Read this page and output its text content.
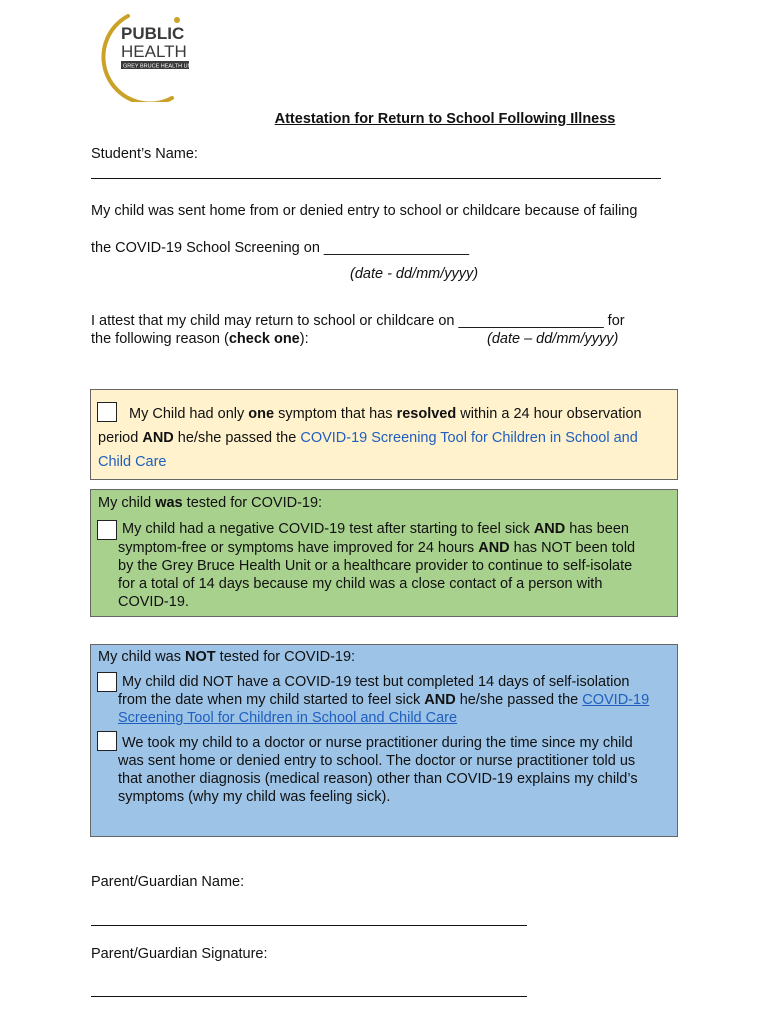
PUBLIC
HEALTH
GREY BRUCE HEALTH UNIT
Attestation for Return to School Following Illness
Student’s Name:
My child was sent home from or denied entry to school or childcare because of failing
the COVID-19 School Screening on __________________
(date - dd/mm/yyyy)
I attest that my child may return to school or childcare on __________________ for
the following reason (check one):	(date – dd/mm/yyyy)
My Child had only one symptom that has resolved within a 24 hour observation
period AND he/she passed the COVID-19 Screening Tool for Children in School and
Child Care
My child was tested for COVID-19:
My child had a negative COVID-19 test after starting to feel sick AND has been
symptom-free or symptoms have improved for 24 hours AND has NOT been told
by the Grey Bruce Health Unit or a healthcare provider to continue to self-isolate
for a total of 14 days because my child was a close contact of a person with
COVID-19.
My child was NOT tested for COVID-19:
My child did NOT have a COVID-19 test but completed 14 days of self-isolation
from the date when my child started to feel sick AND he/she passed the COVID-19
Screening Tool for Children in School and Child Care
We took my child to a doctor or nurse practitioner during the time since my child
was sent home or denied entry to school. The doctor or nurse practitioner told us
that another diagnosis (medical reason) other than COVID-19 explains my child’s
symptoms (why my child was feeling sick).
Parent/Guardian Name:
Parent/Guardian Signature:
